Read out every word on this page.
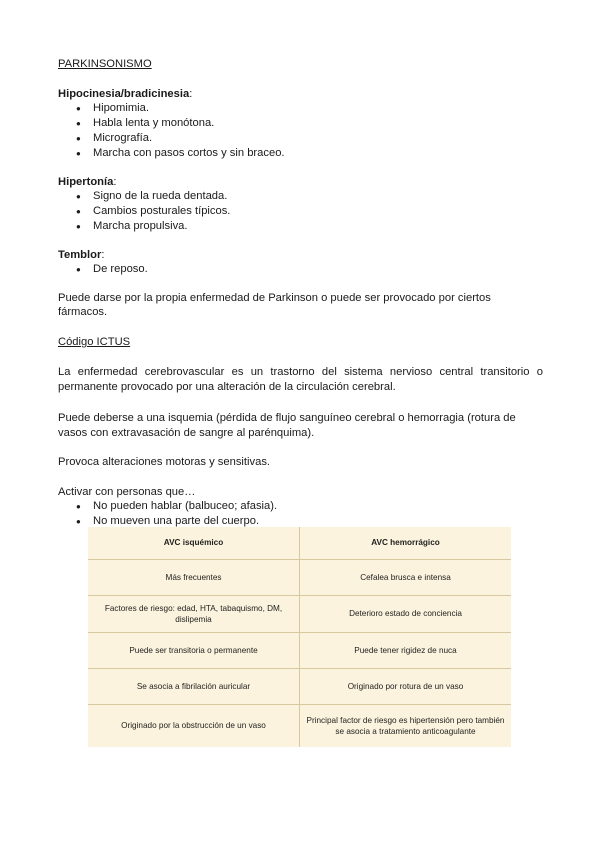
PARKINSONISMO

Hipocinesia/bradicinesia:

● Hipomimia.
● Habla lenta y monótona.
● Micrografía.
● Marcha con pasos cortos y sin braceo.

Hipertonía:

● Signo de la rueda dentada.
● Cambios posturales típicos.
● Marcha propulsiva.

Temblor:

● De reposo.

Puede darse por la propia enfermedad de Parkinson o puede ser provocado por ciertos fármacos.

Código ICTUS

La enfermedad cerebrovascular es un trastorno del sistema nervioso central transitorio o permanente provocado por una alteración de la circulación cerebral.

Puede deberse a una isquemia (pérdida de flujo sanguíneo cerebral o hemorragia (rotura de vasos con extravasación de sangre al parénquima).

Provoca alteraciones motoras y sensitivas.

Activar con personas que…

● No pueden hablar (balbuceo; afasia).
● No mueven una parte del cuerpo.
AVC isquémico	AVC hemorrágico
Más frecuentes	Cefalea brusca e intensa
Factores de riesgo: edad, HTA, tabaquismo, DM, dislipemia	Deterioro estado de conciencia
Puede ser transitoria o permanente	Puede tener rigidez de nuca
Se asocia a fibrilación auricular	Originado por rotura de un vaso
Originado por la obstrucción de un vaso	Principal factor de riesgo es hipertensión pero también se asocia a tratamiento anticoagulante
